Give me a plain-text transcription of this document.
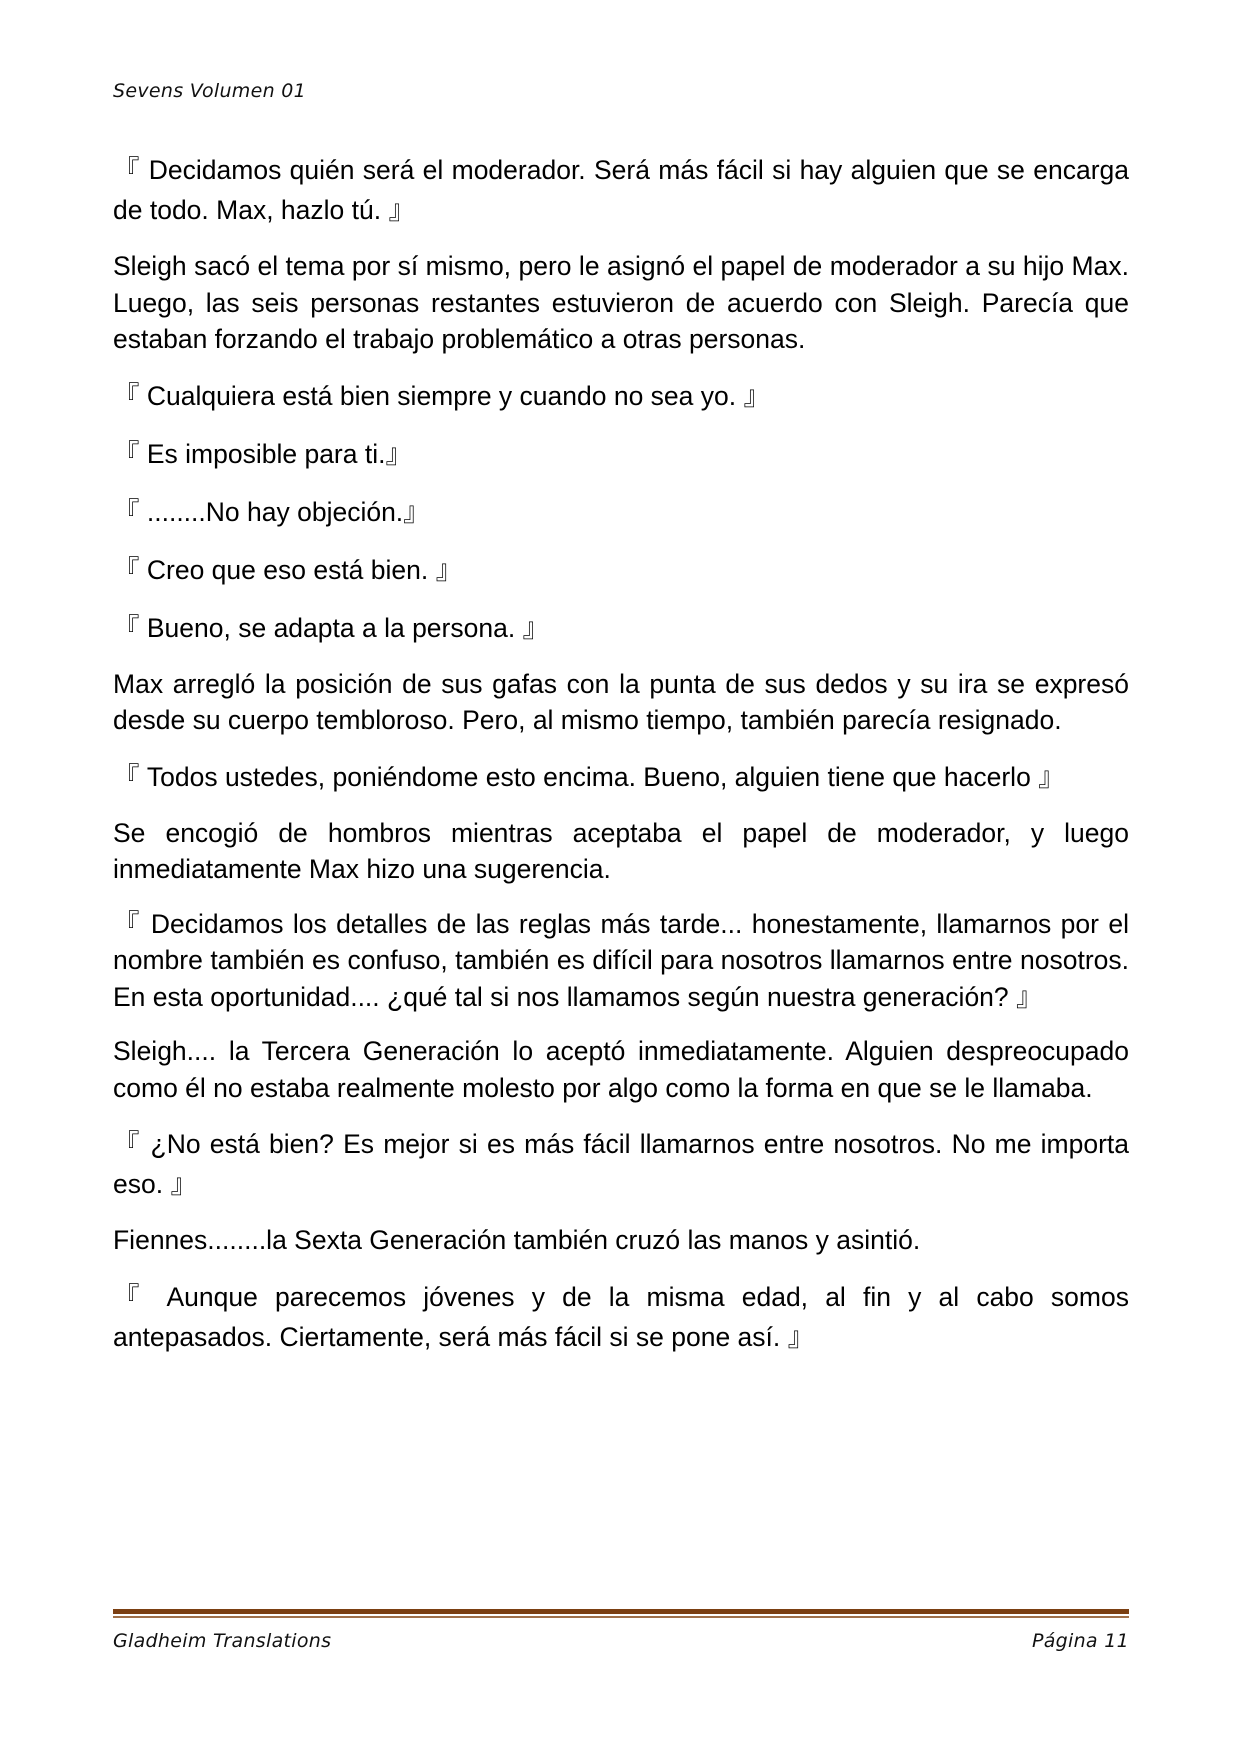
Sevens Volumen 01

『 Decidamos quién será el moderador. Será más fácil si hay alguien que se encarga de todo. Max, hazlo tú. 』

Sleigh sacó el tema por sí mismo, pero le asignó el papel de moderador a su hijo Max. Luego, las seis personas restantes estuvieron de acuerdo con Sleigh. Parecía que estaban forzando el trabajo problemático a otras personas.

『 Cualquiera está bien siempre y cuando no sea yo. 』

『 Es imposible para ti.』

『 ........No hay objeción.』

『 Creo que eso está bien. 』

『 Bueno, se adapta a la persona. 』

Max arregló la posición de sus gafas con la punta de sus dedos y su ira se expresó desde su cuerpo tembloroso. Pero, al mismo tiempo, también parecía resignado.

『 Todos ustedes, poniéndome esto encima. Bueno, alguien tiene que hacerlo 』

Se encogió de hombros mientras aceptaba el papel de moderador, y luego inmediatamente Max hizo una sugerencia.

『 Decidamos los detalles de las reglas más tarde... honestamente, llamarnos por el nombre también es confuso, también es difícil para nosotros llamarnos entre nosotros. En esta oportunidad.... ¿qué tal si nos llamamos según nuestra generación? 』

Sleigh.... la Tercera Generación lo aceptó inmediatamente. Alguien despreocupado como él no estaba realmente molesto por algo como la forma en que se le llamaba.

『 ¿No está bien? Es mejor si es más fácil llamarnos entre nosotros. No me importa eso. 』

Fiennes........la Sexta Generación también cruzó las manos y asintió.

『 Aunque parecemos jóvenes y de la misma edad, al fin y al cabo somos antepasados. Ciertamente, será más fácil si se pone así. 』

Gladheim Translations	Página 11
